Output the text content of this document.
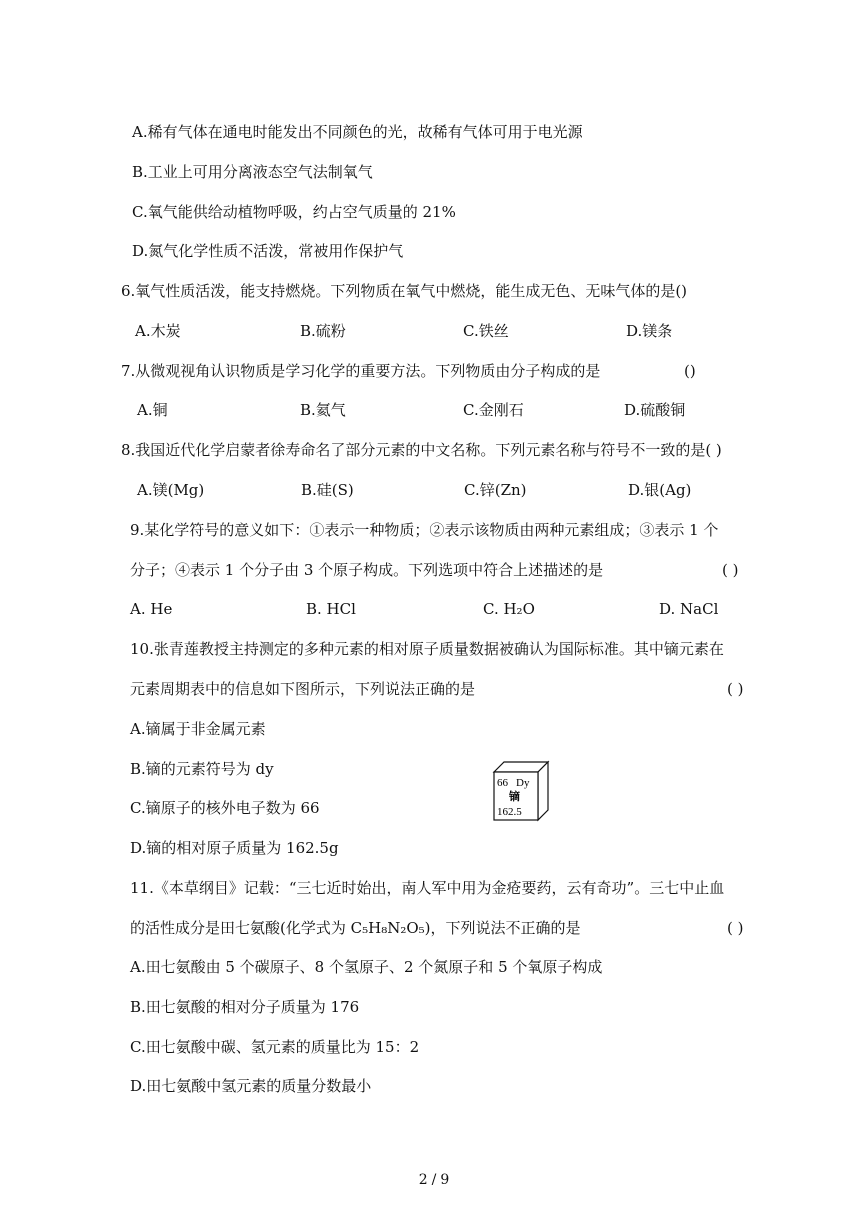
A.稀有气体在通电时能发出不同颜色的光，故稀有气体可用于电光源
B.工业上可用分离液态空气法制氧气
C.氧气能供给动植物呼吸，约占空气质量的 21%
D.氮气化学性质不活泼，常被用作保护气
6.氧气性质活泼，能支持燃烧。下列物质在氧气中燃烧，能生成无色、无味气体的是()
A.木炭	B.硫粉	C.铁丝	D.镁条
7.从微观视角认识物质是学习化学的重要方法。下列物质由分子构成的是	()
A.铜	B.氦气	C.金刚石	D.硫酸铜
8.我国近代化学启蒙者徐寿命名了部分元素的中文名称。下列元素名称与符号不一致的是( )
A.镁(Mg)	B.硅(S)	C.锌(Zn)	D.银(Ag)
9.某化学符号的意义如下：①表示一种物质；②表示该物质由两种元素组成；③表示 1 个
分子；④表示 1 个分子由 3 个原子构成。下列选项中符合上述描述的是	( )
A. He	B. HCl	C. H₂O	D. NaCl
10.张青莲教授主持测定的多种元素的相对原子质量数据被确认为国际标准。其中镝元素在
元素周期表中的信息如下图所示，下列说法正确的是	( )
A.镝属于非金属元素
B.镝的元素符号为 dy
C.镝原子的核外电子数为 66
D.镝的相对原子质量为 162.5g
66 Dy
镝
162.5
11.《本草纲目》记载：“三七近时始出，南人军中用为金疮要药，云有奇功”。三七中止血
的活性成分是田七氨酸(化学式为 C₅H₈N₂O₅)，下列说法不正确的是	( )
A.田七氨酸由 5 个碳原子、8 个氢原子、2 个氮原子和 5 个氧原子构成
B.田七氨酸的相对分子质量为 176
C.田七氨酸中碳、氢元素的质量比为 15：2
D.田七氨酸中氢元素的质量分数最小
2 / 9
